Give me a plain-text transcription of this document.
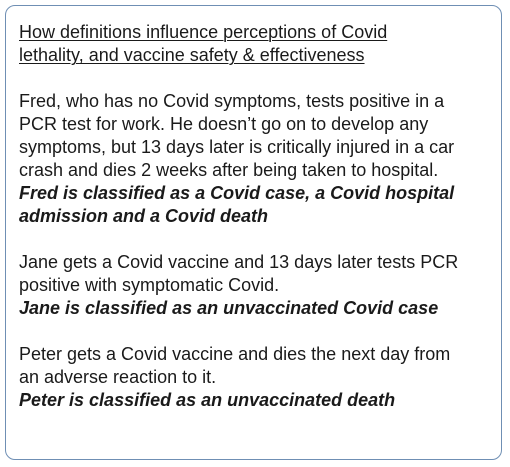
How definitions influence perceptions of Covid
lethality, and vaccine safety & effectiveness

Fred, who has no Covid symptoms, tests positive in a

PCR test for work. He doesn’t go on to develop any

symptoms, but 13 days later is critically injured in a car

crash and dies 2 weeks after being taken to hospital.

Fred is classified as a Covid case, a Covid hospital

admission and a Covid death

Jane gets a Covid vaccine and 13 days later tests PCR

positive with symptomatic Covid.

Jane is classified as an unvaccinated Covid case

Peter gets a Covid vaccine and dies the next day from

an adverse reaction to it.

Peter is classified as an unvaccinated death
